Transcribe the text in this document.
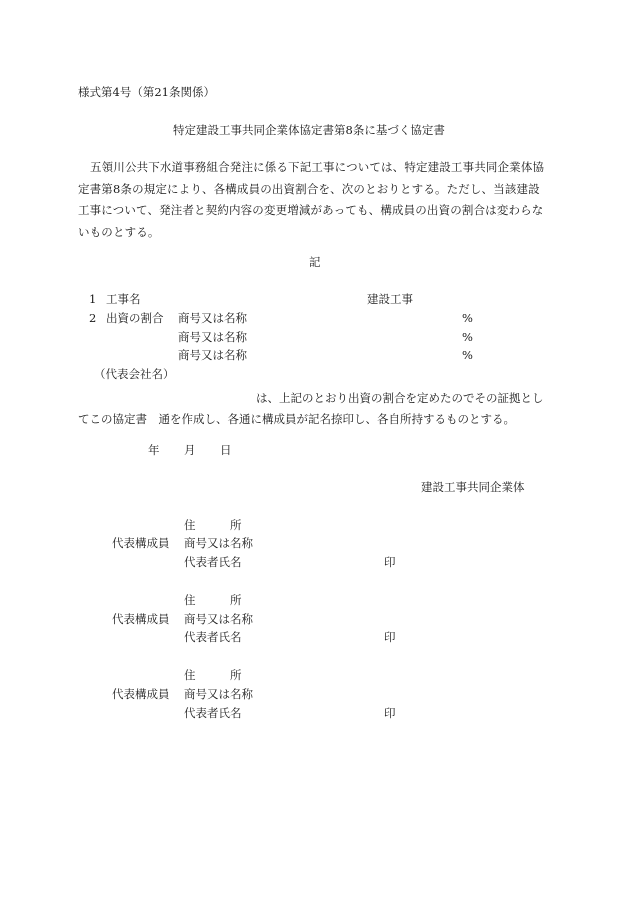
様式第4号（第21条関係）
特定建設工事共同企業体協定書第8条に基づく協定書
五領川公共下水道事務組合発注に係る下記工事については、特定建設工事共同企業体協定書第8条の規定により、各構成員の出資割合を、次のとおりとする。ただし、当該建設工事について、発注者と契約内容の変更増減があっても、構成員の出資の割合は変わらないものとする。
記
1 工事名	建設工事
2 出資の割合 商号又は名称	%
商号又は名称	%
商号又は名称	%
（代表会社名）
は、上記のとおり出資の割合を定めたのでその証拠としてこの協定書　通を作成し、各通に構成員が記名捺印し、各自所持するものとする。
年 月 日
建設工事共同企業体
住　　　所
代表構成員 商号又は名称
代表者氏名	印
住　　　所
代表構成員 商号又は名称
代表者氏名	印
住　　　所
代表構成員 商号又は名称
代表者氏名	印
